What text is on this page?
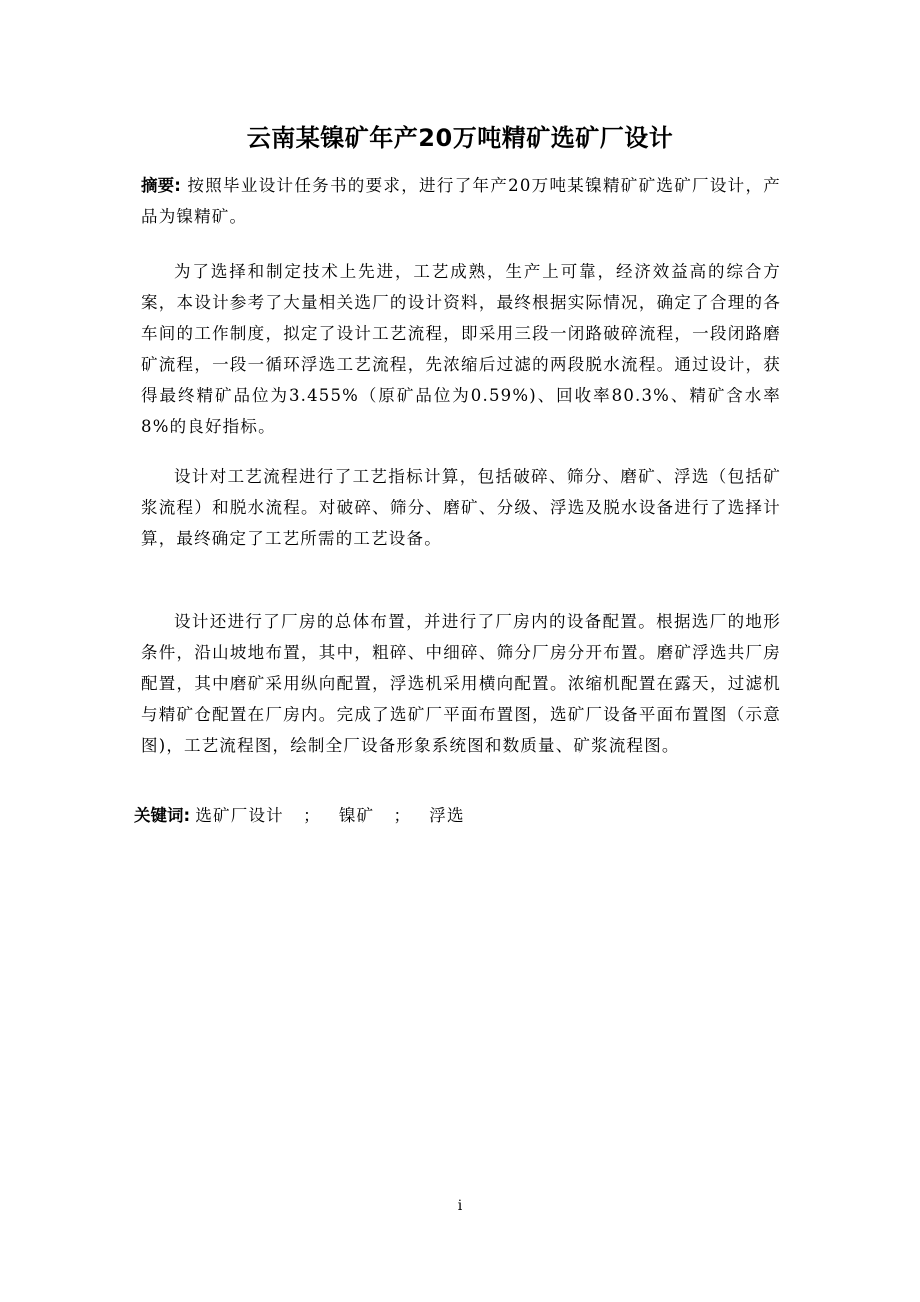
云南某镍矿年产20万吨精矿选矿厂设计
摘要: 按照毕业设计任务书的要求，进行了年产20万吨某镍精矿矿选矿厂设计，产品为镍精矿。
为了选择和制定技术上先进，工艺成熟，生产上可靠，经济效益高的综合方案，本设计参考了大量相关选厂的设计资料，最终根据实际情况，确定了合理的各车间的工作制度，拟定了设计工艺流程，即采用三段一闭路破碎流程，一段闭路磨矿流程，一段一循环浮选工艺流程，先浓缩后过滤的两段脱水流程。通过设计，获得最终精矿品位为3.455%（原矿品位为0.59%)、回收率80.3%、精矿含水率8%的良好指标。
设计对工艺流程进行了工艺指标计算，包括破碎、筛分、磨矿、浮选（包括矿浆流程）和脱水流程。对破碎、筛分、磨矿、分级、浮选及脱水设备进行了选择计算，最终确定了工艺所需的工艺设备。
设计还进行了厂房的总体布置，并进行了厂房内的设备配置。根据选厂的地形条件，沿山坡地布置，其中，粗碎、中细碎、筛分厂房分开布置。磨矿浮选共厂房配置，其中磨矿采用纵向配置，浮选机采用横向配置。浓缩机配置在露天，过滤机与精矿仓配置在厂房内。完成了选矿厂平面布置图，选矿厂设备平面布置图（示意图)，工艺流程图，绘制全厂设备形象系统图和数质量、矿浆流程图。
关键词: 选矿厂设计 ； 镍矿 ； 浮选
i
